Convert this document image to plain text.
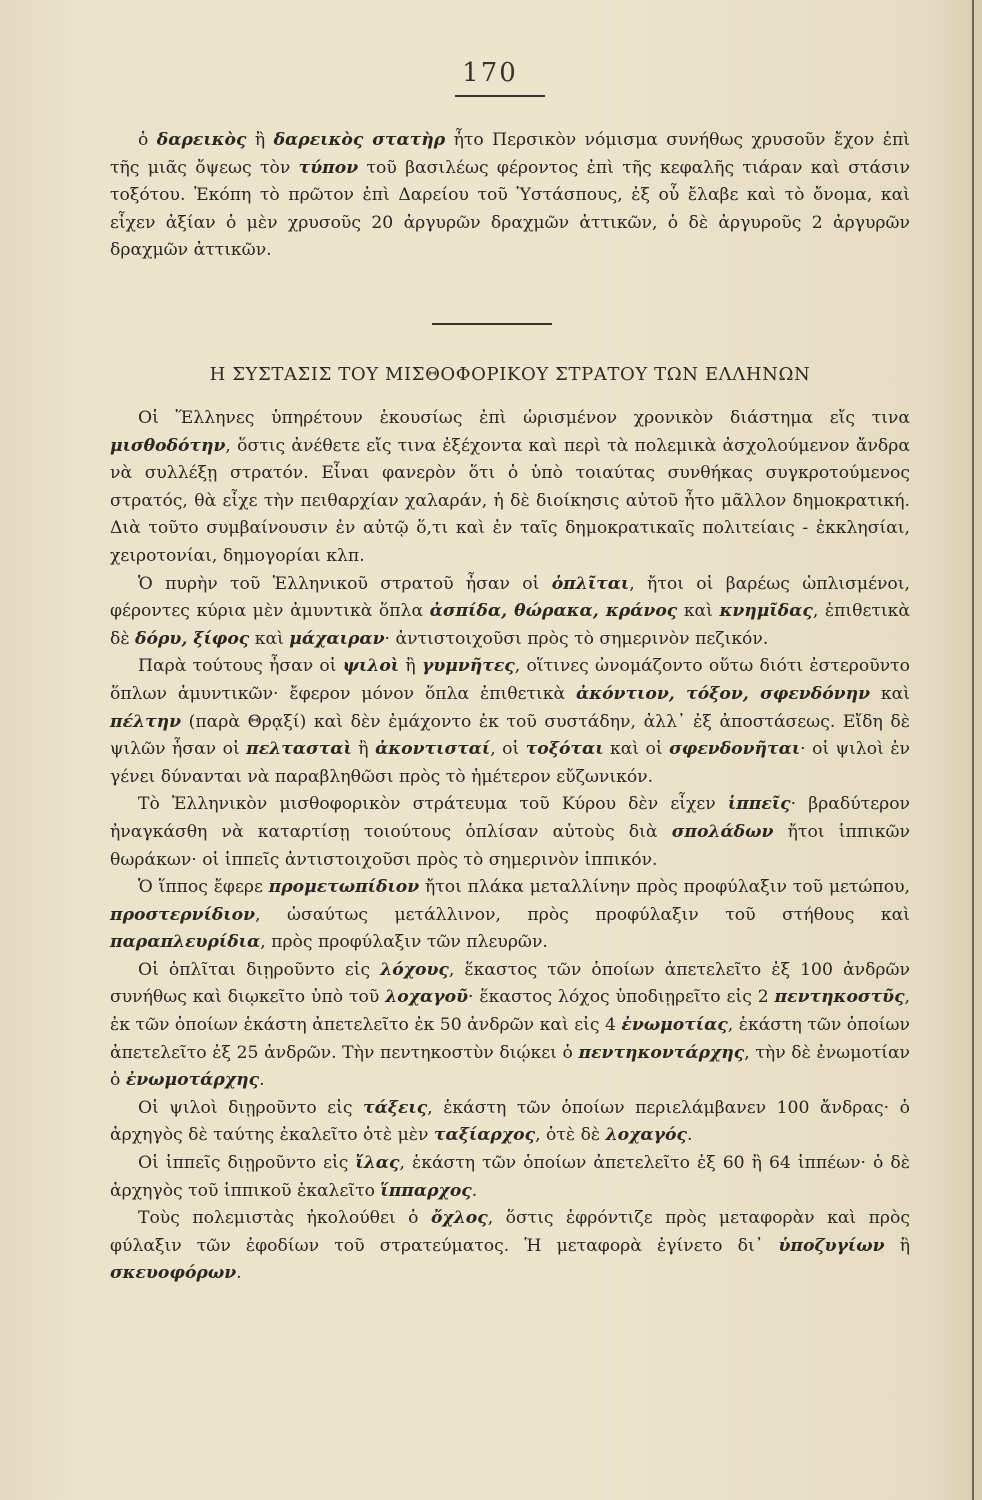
170

ὁ δαρεικὸς ἢ δαρεικὸς στατὴρ ἦτο Περσικὸν νόμισμα συνήθως χρυσοῦν ἔχον ἐπὶ τῆς μιᾶς ὄψεως τὸν τύπον τοῦ βασιλέως φέροντος ἐπὶ τῆς κεφαλῆς τιάραν καὶ στάσιν τοξότου. Ἐκόπη τὸ πρῶτον ἐπὶ Δαρείου τοῦ Ὑστάσπους, ἐξ οὗ ἔλαβε καὶ τὸ ὄνομα, καὶ εἶχεν ἀξίαν ὁ μὲν χρυσοῦς 20 ἀργυρῶν δραχμῶν ἀττικῶν, ὁ δὲ ἀργυροῦς 2 ἀργυρῶν δραχμῶν ἀττικῶν.

Η ΣΥΣΤΑΣΙΣ ΤΟΥ ΜΙΣΘΟΦΟΡΙΚΟΥ ΣΤΡΑΤΟΥ ΤΩΝ ΕΛΛΗΝΩΝ

Οἱ Ἕλληνες ὑπηρέτουν ἑκουσίως ἐπὶ ὡρισμένον χρονικὸν διάστημα εἴς τινα μισθοδότην, ὅστις ἀνέθετε εἴς τινα ἐξέχοντα καὶ περὶ τὰ πολεμικὰ ἀσχολούμενον ἄνδρα νὰ συλλέξῃ στρατόν. Εἶναι φανερὸν ὅτι ὁ ὑπὸ τοιαύτας συνθήκας συγκροτούμενος στρατός, θὰ εἶχε τὴν πειθαρχίαν χαλαράν, ἡ δὲ διοίκησις αὐτοῦ ἦτο μᾶλλον δημοκρατική. Διὰ τοῦτο συμβαίνουσιν ἐν αὐτῷ ὅ,τι καὶ ἐν ταῖς δημοκρατικαῖς πολιτείαις - ἐκκλησίαι, χειροτονίαι, δημογορίαι κλπ.

Ὁ πυρὴν τοῦ Ἑλληνικοῦ στρατοῦ ἦσαν οἱ ὁπλῖται, ἤτοι οἱ βαρέως ὡπλισμένοι, φέροντες κύρια μὲν ἀμυντικὰ ὅπλα ἀσπίδα, θώρακα, κράνος καὶ κνημῖδας, ἐπιθετικὰ δὲ δόρυ, ξίφος καὶ μάχαιραν· ἀντιστοιχοῦσι πρὸς τὸ σημερινὸν πεζικόν.

Παρὰ τούτους ἦσαν οἱ ψιλοὶ ἢ γυμνῆτες, οἵτινες ὠνομάζοντο οὕτω διότι ἐστεροῦντο ὅπλων ἀμυντικῶν· ἔφερον μόνον ὅπλα ἐπιθετικὰ ἀκόντιον, τόξον, σφενδόνην καὶ πέλτην (παρὰ Θρᾳξί) καὶ δὲν ἐμάχοντο ἐκ τοῦ συστάδην, ἀλλ᾽ ἐξ ἀποστάσεως. Εἴδη δὲ ψιλῶν ἦσαν οἱ πελτασταὶ ἢ ἀκοντισταί, οἱ τοξόται καὶ οἱ σφενδονῆται· οἱ ψιλοὶ ἐν γένει δύνανται νὰ παραβληθῶσι πρὸς τὸ ἡμέτερον εὔζωνικόν.

Τὸ Ἑλληνικὸν μισθοφορικὸν στράτευμα τοῦ Κύρου δὲν εἶχεν ἱππεῖς· βραδύτερον ἠναγκάσθη νὰ καταρτίσῃ τοιούτους ὁπλίσαν αὐτοὺς διὰ σπολάδων ἤτοι ἱππικῶν θωράκων· οἱ ἱππεῖς ἀντιστοιχοῦσι πρὸς τὸ σημερινὸν ἱππικόν.

Ὁ ἵππος ἔφερε προμετωπίδιον ἤτοι πλάκα μεταλλίνην πρὸς προφύλαξιν τοῦ μετώπου, προστερνίδιον, ὡσαύτως μετάλλινον, πρὸς προφύλαξιν τοῦ στήθους καὶ παραπλευρίδια, πρὸς προφύλαξιν τῶν πλευρῶν.

Οἱ ὁπλῖται διῃροῦντο εἰς λόχους, ἕκαστος τῶν ὁποίων ἀπετελεῖτο ἐξ 100 ἀνδρῶν συνήθως καὶ διῳκεῖτο ὑπὸ τοῦ λοχαγοῦ· ἕκαστος λόχος ὑποδιῃρεῖτο εἰς 2 πεντηκοστῦς, ἐκ τῶν ὁποίων ἑκάστη ἀπετελεῖτο ἐκ 50 ἀνδρῶν καὶ εἰς 4 ἐνωμοτίας, ἑκάστη τῶν ὁποίων ἀπετελεῖτο ἐξ 25 ἀνδρῶν. Τὴν πεντηκοστὺν διῴκει ὁ πεντηκοντάρχης, τὴν δὲ ἐνωμοτίαν ὁ ἐνωμοτάρχης.

Οἱ ψιλοὶ διῃροῦντο εἰς τάξεις, ἑκάστη τῶν ὁποίων περιελάμβανεν 100 ἄνδρας· ὁ ἀρχηγὸς δὲ ταύτης ἐκαλεῖτο ὁτὲ μὲν ταξίαρχος, ὁτὲ δὲ λοχαγός.

Οἱ ἱππεῖς διῃροῦντο εἰς ἴλας, ἑκάστη τῶν ὁποίων ἀπετελεῖτο ἐξ 60 ἢ 64 ἱππέων· ὁ δὲ ἀρχηγὸς τοῦ ἱππικοῦ ἐκαλεῖτο ἵππαρχος.

Τοὺς πολεμιστὰς ἠκολούθει ὁ ὄχλος, ὅστις ἐφρόντιζε πρὸς μεταφορὰν καὶ πρὸς φύλαξιν τῶν ἐφοδίων τοῦ στρατεύματος. Ἡ μεταφορὰ ἐγίνετο δι᾽ ὑποζυγίων ἢ σκευοφόρων.
